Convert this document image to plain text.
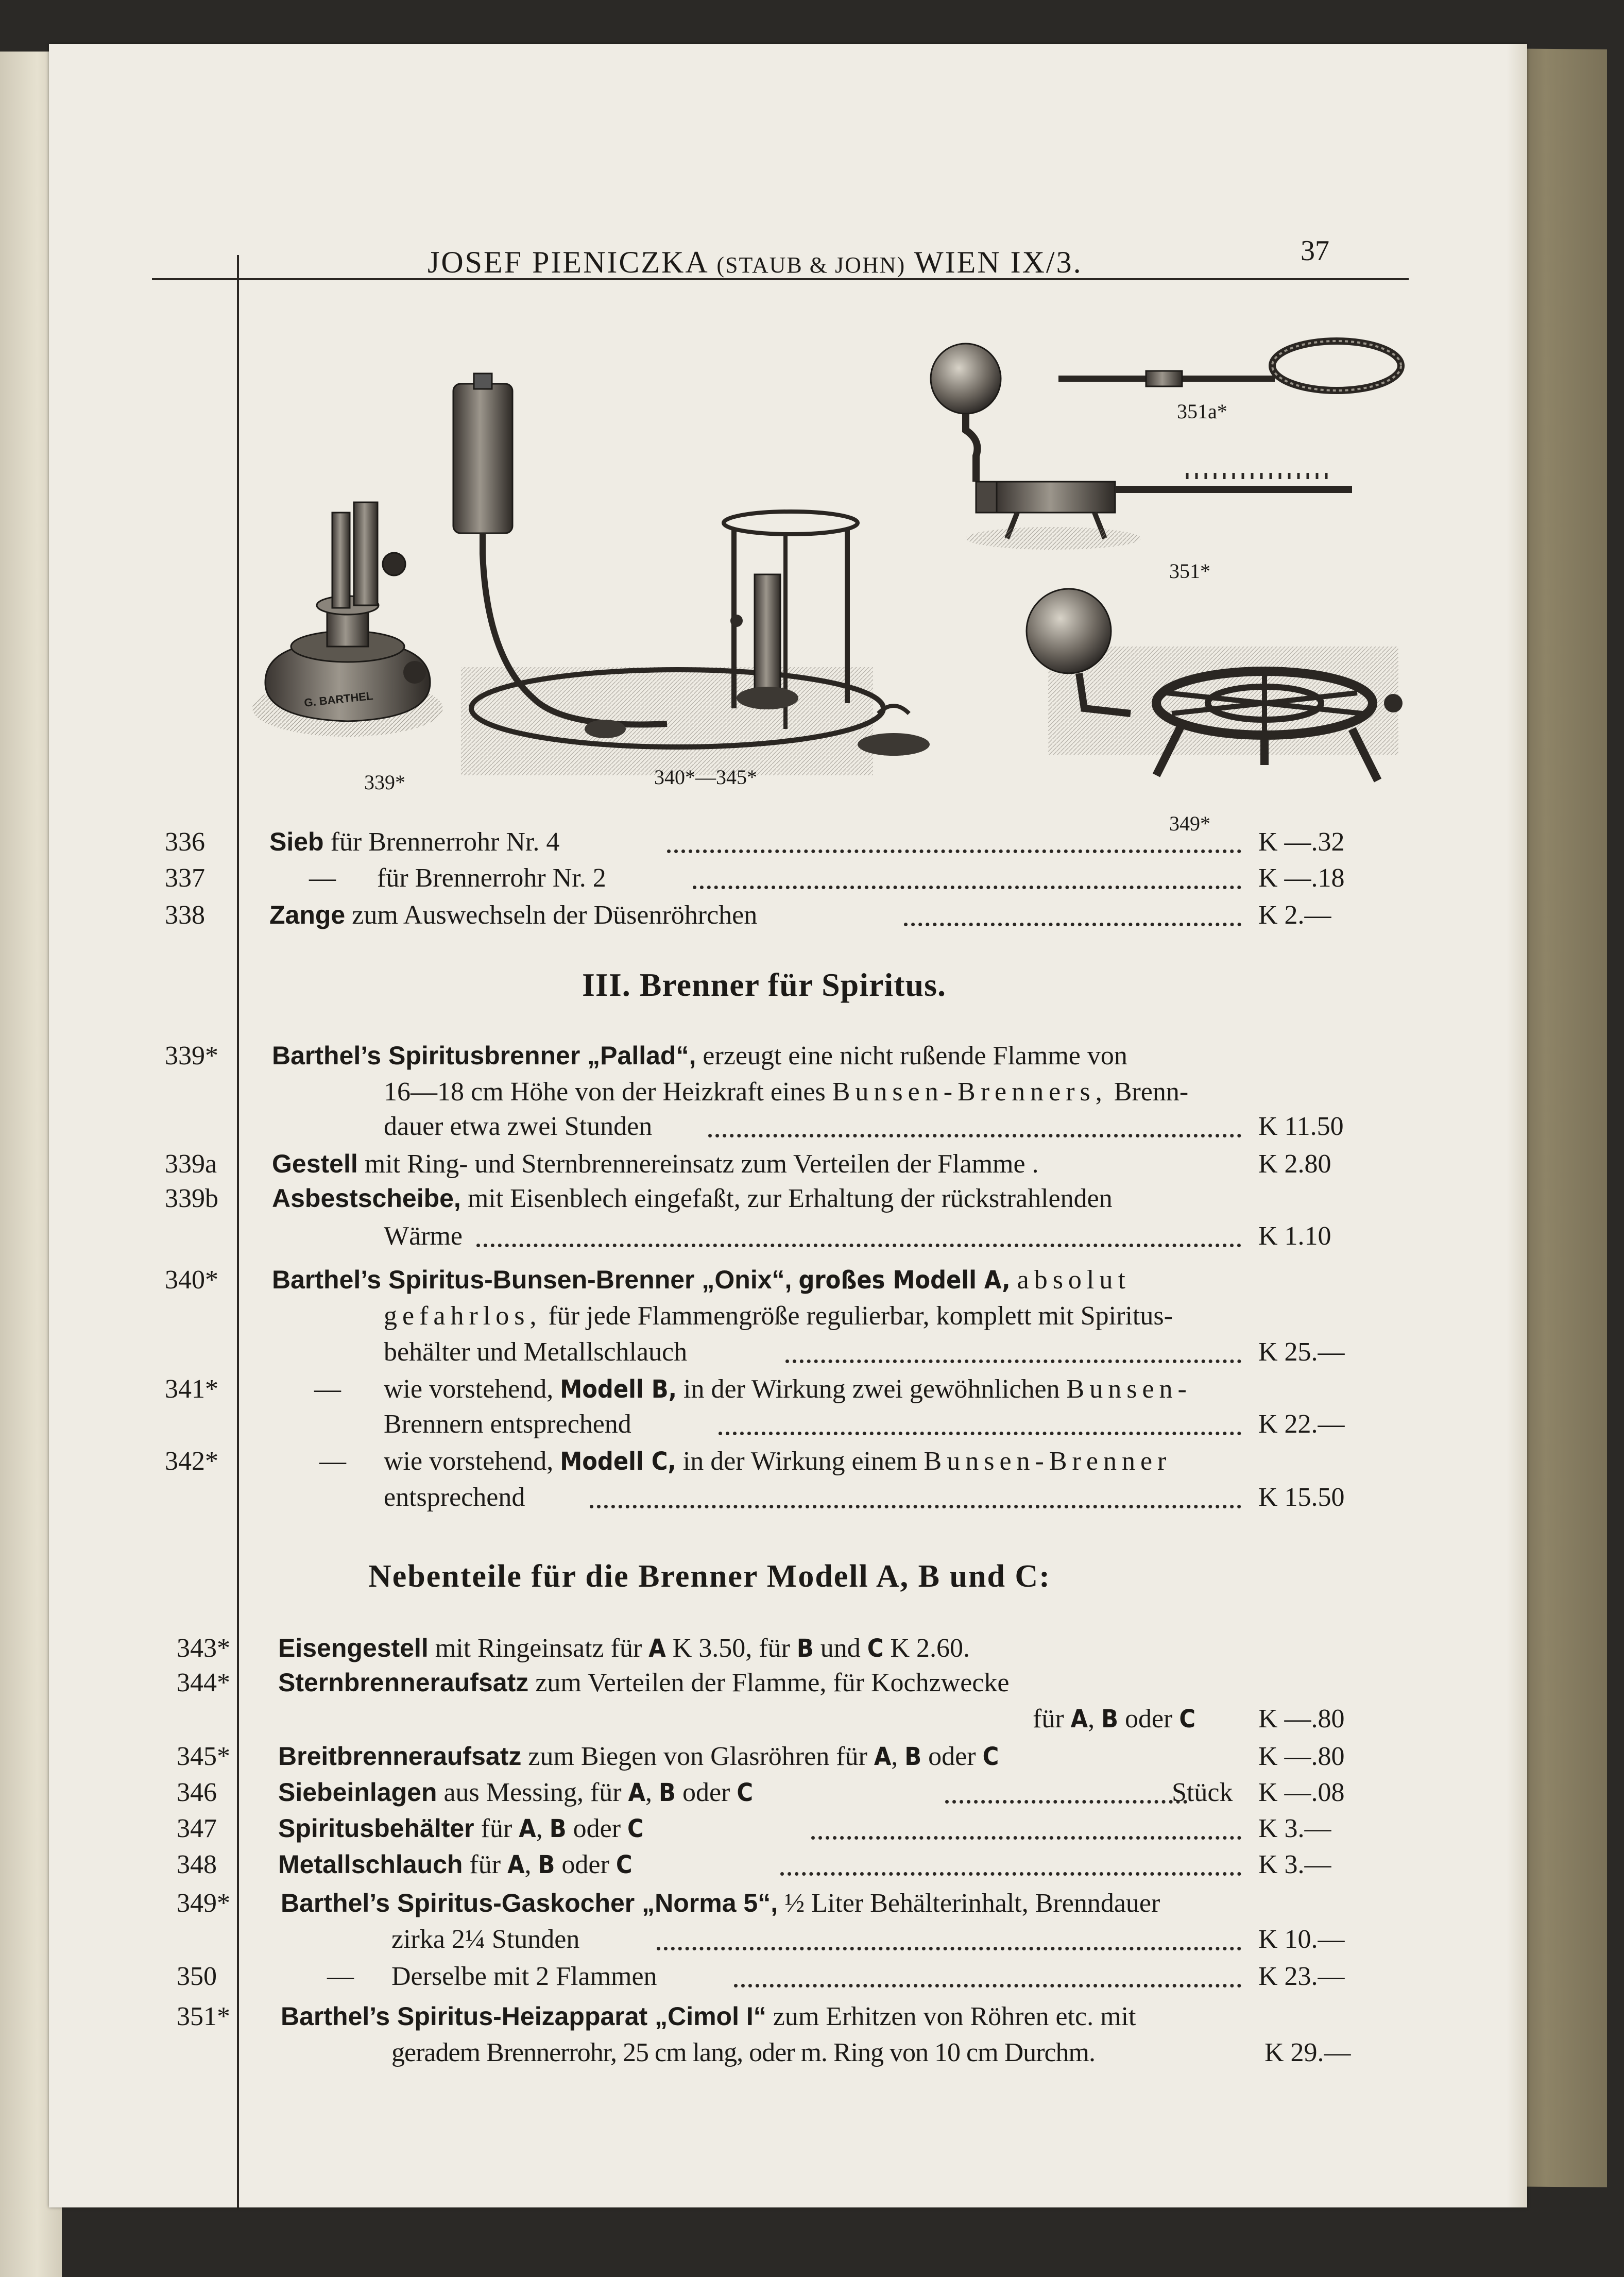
JOSEF PIENICZKA (STAUB & JOHN) WIEN IX/3.	37
G. BARTHEL
339*	340*—345*
351a*
351*
349*
336	Sieb für Brennerrohr Nr. 4	K —.32
337	— für Brennerrohr Nr. 2	K —.18
338	Zange zum Auswechseln der Düsenröhrchen	K 2.—
III. Brenner für Spiritus.
339* Barthel’s Spiritusbrenner „Pallad“, erzeugt eine nicht rußende Flamme von
16—18 cm Höhe von der Heizkraft eines Bunsen-Brenners, Brenn-
dauer etwa zwei Stunden	K 11.50
339a Gestell mit Ring- und Sternbrennereinsatz zum Verteilen der Flamme .	K 2.80
339b Asbestscheibe, mit Eisenblech eingefaßt, zur Erhaltung der rückstrahlenden
Wärme	K 1.10
340* Barthel’s Spiritus-Bunsen-Brenner „Onix“, großes Modell A, absolut
gefahrlos, für jede Flammengröße regulierbar, komplett mit Spiritus-
behälter und Metallschlauch	K 25.—
341*	— wie vorstehend, Modell B, in der Wirkung zwei gewöhnlichen Bunsen-
Brennern entsprechend	K 22.—
342*	— wie vorstehend, Modell C, in der Wirkung einem Bunsen-Brenner
entsprechend	K 15.50
Nebenteile für die Brenner Modell A, B und C:
343* Eisengestell mit Ringeinsatz für A K 3.50, für B und C K 2.60.
344* Sternbrenneraufsatz zum Verteilen der Flamme, für Kochzwecke
für A, B oder C K —.80
345* Breitbrenneraufsatz zum Biegen von Glasröhren für A, B oder C	K —.80
346 Siebeinlagen aus Messing, für A, B oder C	Stück K —.08
347 Spiritusbehälter für A, B oder C	K 3.—
348 Metallschlauch für A, B oder C	K 3.—
349* Barthel’s Spiritus-Gaskocher „Norma 5“, ½ Liter Behälterinhalt, Brenndauer
zirka 2¼ Stunden	K 10.—
350	— Derselbe mit 2 Flammen	K 23.—
351* Barthel’s Spiritus-Heizapparat „Cimol I“ zum Erhitzen von Röhren etc. mit
geradem Brennerrohr, 25 cm lang, oder m. Ring von 10 cm Durchm.	K 29.—
